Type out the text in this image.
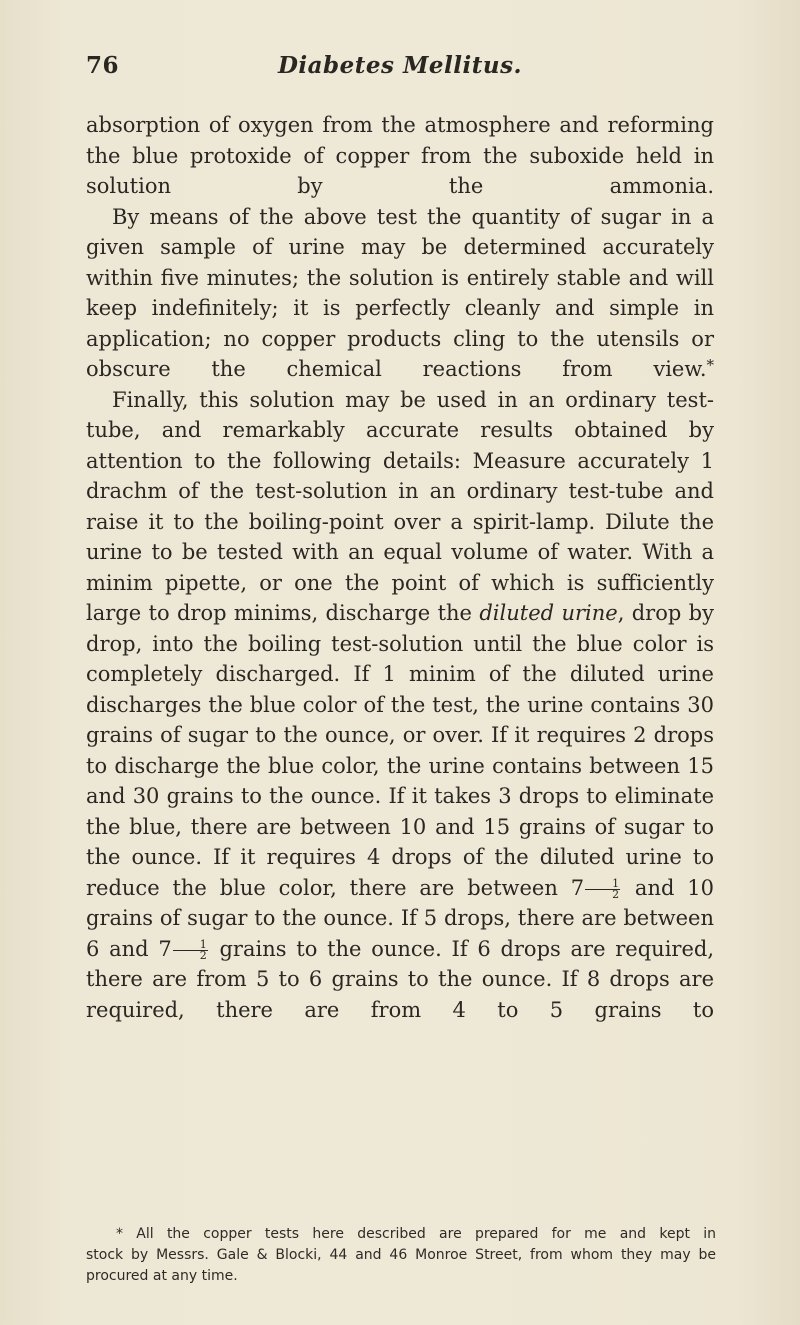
76	Diabetes Mellitus.

absorption of oxygen from the atmosphere and reforming the blue protoxide of copper from the suboxide held in solution by the ammonia.

By means of the above test the quantity of sugar in a given sample of urine may be determined accurately within five minutes; the solution is entirely stable and will keep indefinitely; it is perfectly cleanly and simple in application; no copper products cling to the utensils or obscure the chemical reactions from view.*

Finally, this solution may be used in an ordinary test-tube, and remarkably accurate results obtained by attention to the following details: Measure accurately 1 drachm of the test-solution in an ordinary test-tube and raise it to the boiling-point over a spirit-lamp. Dilute the urine to be tested with an equal volume of water. With a minim pipette, or one the point of which is sufficiently large to drop minims, discharge the diluted urine, drop by drop, into the boiling test-solution until the blue color is completely discharged. If 1 minim of the diluted urine discharges the blue color of the test, the urine contains 30 grains of sugar to the ounce, or over. If it requires 2 drops to discharge the blue color, the urine contains between 15 and 30 grains to the ounce. If it takes 3 drops to eliminate the blue, there are between 10 and 15 grains of sugar to the ounce. If it requires 4 drops of the diluted urine to reduce the blue color, there are between $7 \frac{1}{2}$ and 10 grains of sugar to the ounce. If 5 drops, there are between 6 and $7 \frac{1}{2}$ grains to the ounce. If 6 drops are required, there are from 5 to 6 grains to the ounce. If 8 drops are required, there are from 4 to 5 grains to

* All the copper tests here described are prepared for me and kept in

stock by Messrs. Gale & Blocki, 44 and 46 Monroe Street, from whom they may be procured at any time.
